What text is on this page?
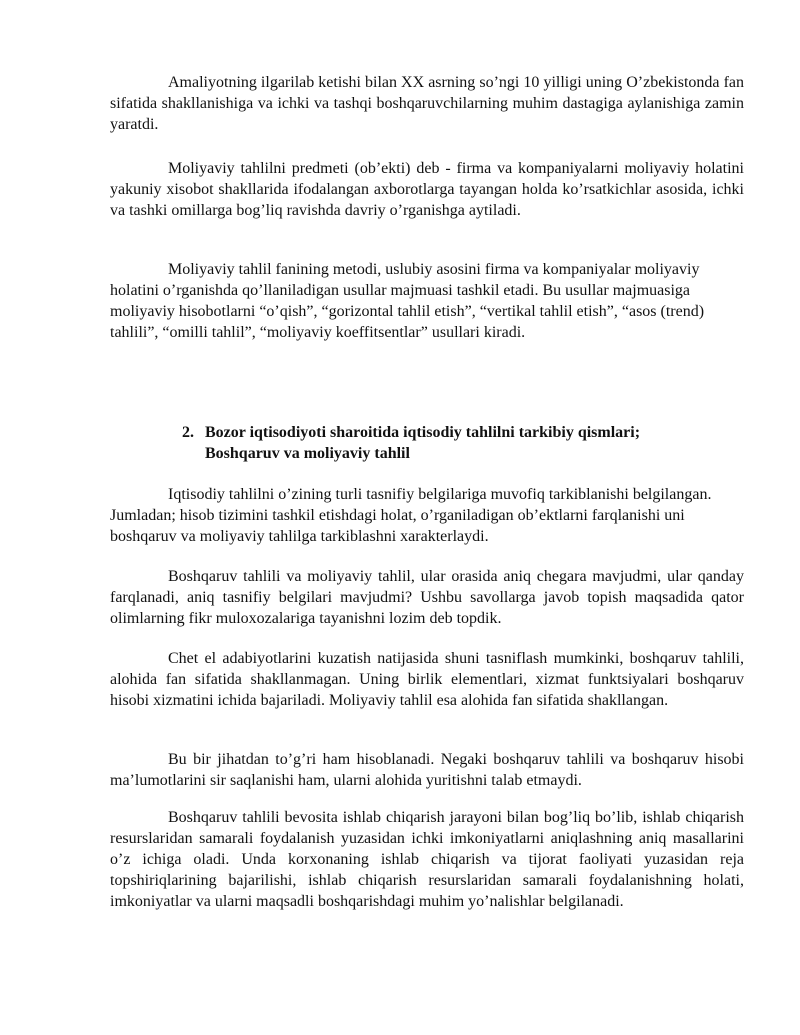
Amaliyotning ilgarilab ketishi bilan XX asrning so’ngi 10 yilligi uning O’zbekistonda fan sifatida shakllanishiga va ichki va tashqi boshqaruvchilarning muhim dastagiga aylanishiga zamin yaratdi.

Moliyaviy tahlilni predmeti (ob’ekti) deb - firma va kompaniyalarni moliyaviy holatini yakuniy xisobot shakllarida ifodalangan axborotlarga tayangan holda ko’rsatkichlar asosida, ichki va tashki omillarga bog’liq ravishda davriy o’rganishga aytiladi.

Moliyaviy tahlil fanining metodi, uslubiy asosini firma va kompaniyalar moliyaviy holatini o’rganishda qo’llaniladigan usullar majmuasi tashkil etadi. Bu usullar majmuasiga moliyaviy hisobotlarni “o’qish”, “gorizontal tahlil etish”, “vertikal tahlil etish”, “asos (trend) tahlili”, “omilli tahlil”, “moliyaviy koeffitsentlar” usullari kiradi.

2. Bozor iqtisodiyoti sharoitida iqtisodiy tahlilni tarkibiy qismlari;
Boshqaruv va moliyaviy tahlil

Iqtisodiy tahlilni o’zining turli tasnifiy belgilariga muvofiq tarkiblanishi belgilangan. Jumladan; hisob tizimini tashkil etishdagi holat, o’rganiladigan ob’ektlarni farqlanishi uni boshqaruv va moliyaviy tahlilga tarkiblashni xarakterlaydi.

Boshqaruv tahlili va moliyaviy tahlil, ular orasida aniq chegara mavjudmi, ular qanday farqlanadi, aniq tasnifiy belgilari mavjudmi? Ushbu savollarga javob topish maqsadida qator olimlarning fikr muloxozalariga tayanishni lozim deb topdik.

Chet el adabiyotlarini kuzatish natijasida shuni tasniflash mumkinki, boshqaruv tahlili, alohida fan sifatida shakllanmagan. Uning birlik elementlari, xizmat funktsiyalari boshqaruv hisobi xizmatini ichida bajariladi. Moliyaviy tahlil esa alohida fan sifatida shakllangan.

Bu bir jihatdan to’g’ri ham hisoblanadi. Negaki boshqaruv tahlili va boshqaruv hisobi ma’lumotlarini sir saqlanishi ham, ularni alohida yuritishni talab etmaydi.

Boshqaruv tahlili bevosita ishlab chiqarish jarayoni bilan bog’liq bo’lib, ishlab chiqarish resurslaridan samarali foydalanish yuzasidan ichki imkoniyatlarni aniqlashning aniq masallarini o’z ichiga oladi. Unda korxonaning ishlab chiqarish va tijorat faoliyati yuzasidan reja topshiriqlarining bajarilishi, ishlab chiqarish resurslaridan samarali foydalanishning holati, imkoniyatlar va ularni maqsadli boshqarishdagi muhim yo’nalishlar belgilanadi.
